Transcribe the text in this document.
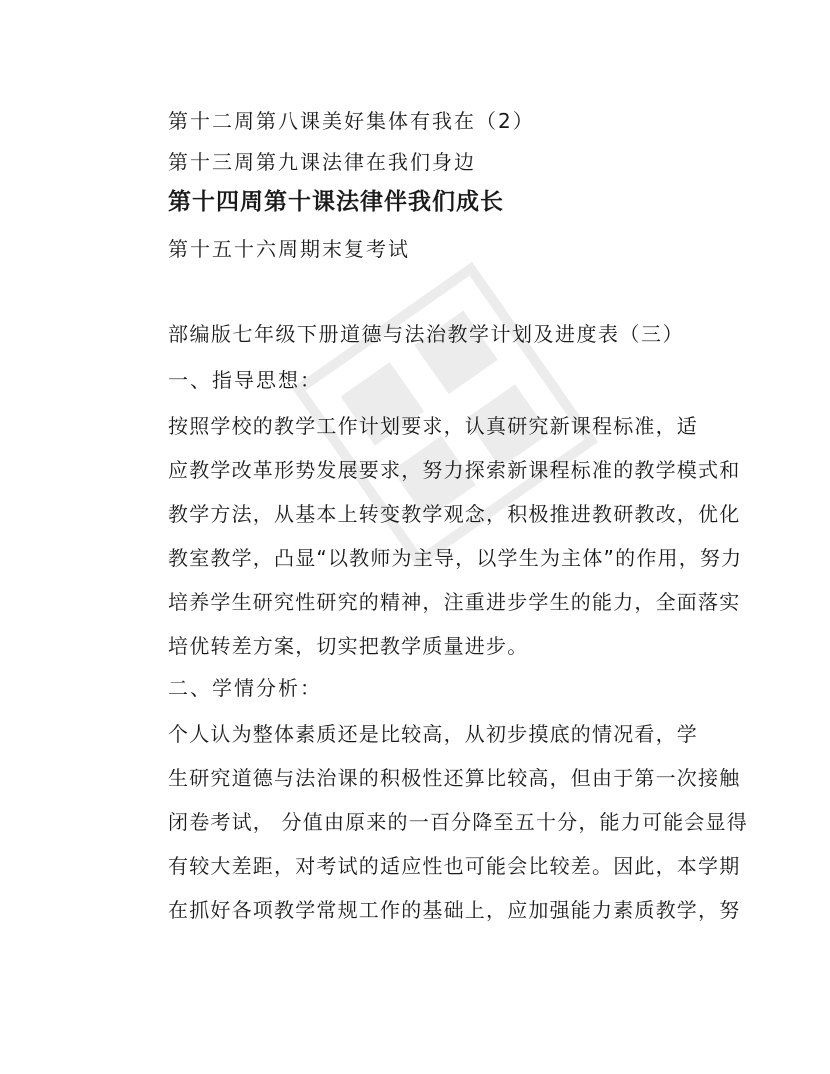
第十二周第八课美好集体有我在（2）
第十三周第九课法律在我们身边
第十四周第十课法律伴我们成长
第十五十六周期末复考试
部编版七年级下册道德与法治教学计划及进度表（三）
一、指导思想：
按照学校的教学工作计划要求，认真研究新课程标准，适
应教学改革形势发展要求，努力探索新课程标准的教学模式和
教学方法，从基本上转变教学观念，积极推进教研教改，优化
教室教学，凸显“以教师为主导，以学生为主体”的作用，努力
培养学生研究性研究的精神，注重进步学生的能力，全面落实
培优转差方案，切实把教学质量进步。
二、学情分析：
个人认为整体素质还是比较高，从初步摸底的情况看，学
生研究道德与法治课的积极性还算比较高，但由于第一次接触
闭卷考试， 分值由原来的一百分降至五十分，能力可能会显得
有较大差距，对考试的适应性也可能会比较差。因此，本学期
在抓好各项教学常规工作的基础上，应加强能力素质教学，努
